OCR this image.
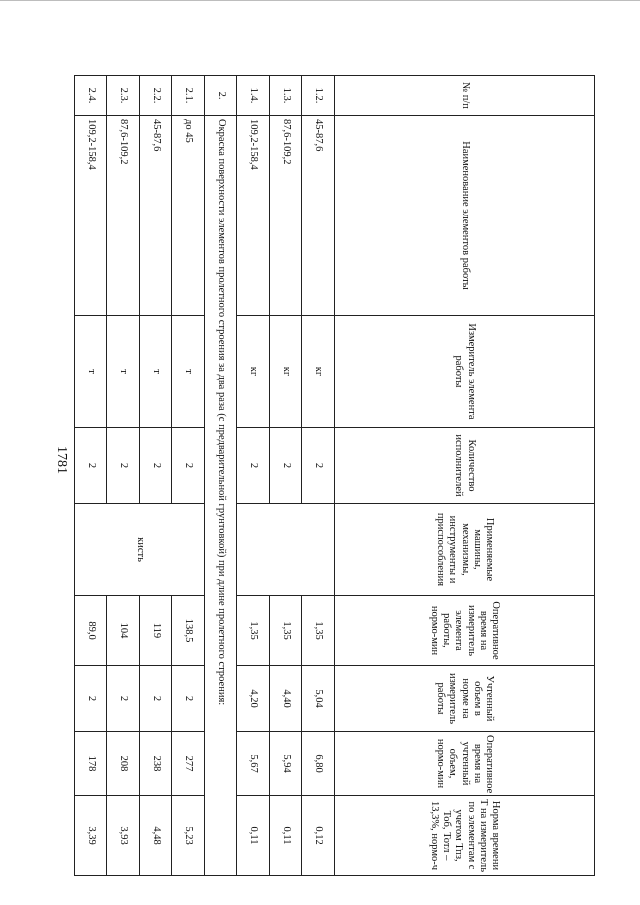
1781
№ п/п	Наименование элементов работы	Измеритель элемента работы	Количество исполнителей	Применяемые машины, механизмы, инструменты и приспособления	Оперативное время на измеритель элемента работы, нормо-мин	Учтенный объем в норме на измеритель работы	Оперативное время на учтенный объем, нормо-мин	Норма времени Т на измеритель по элементам с учетом Тпз, Тоб, Тотл – 13,3%, нормо-ч
1.2.	45-87,6	кг	2		1,35	5,04	6,80	0,12
1.3.	87,6-109,2	кг	2		1,35	4,40	5,94	0,11
1.4.	109,2-158,4	кг	2		1,35	4,20	5,67	0,11
2.	Окраска поверхности элементов пролетного строения за два раза (с предварительной грунтовкой) при длине пролетного строения:							
2.1.	до 45	т	2	кисть	138,5	2	277	5,23
2.2.	45-87,6	т	2		119	2	238	4,48
2.3.	87,6-109,2	т	2		104	2	208	3,93
2.4.	109,2-158,4	т	2		89,0	2	178	3,39
